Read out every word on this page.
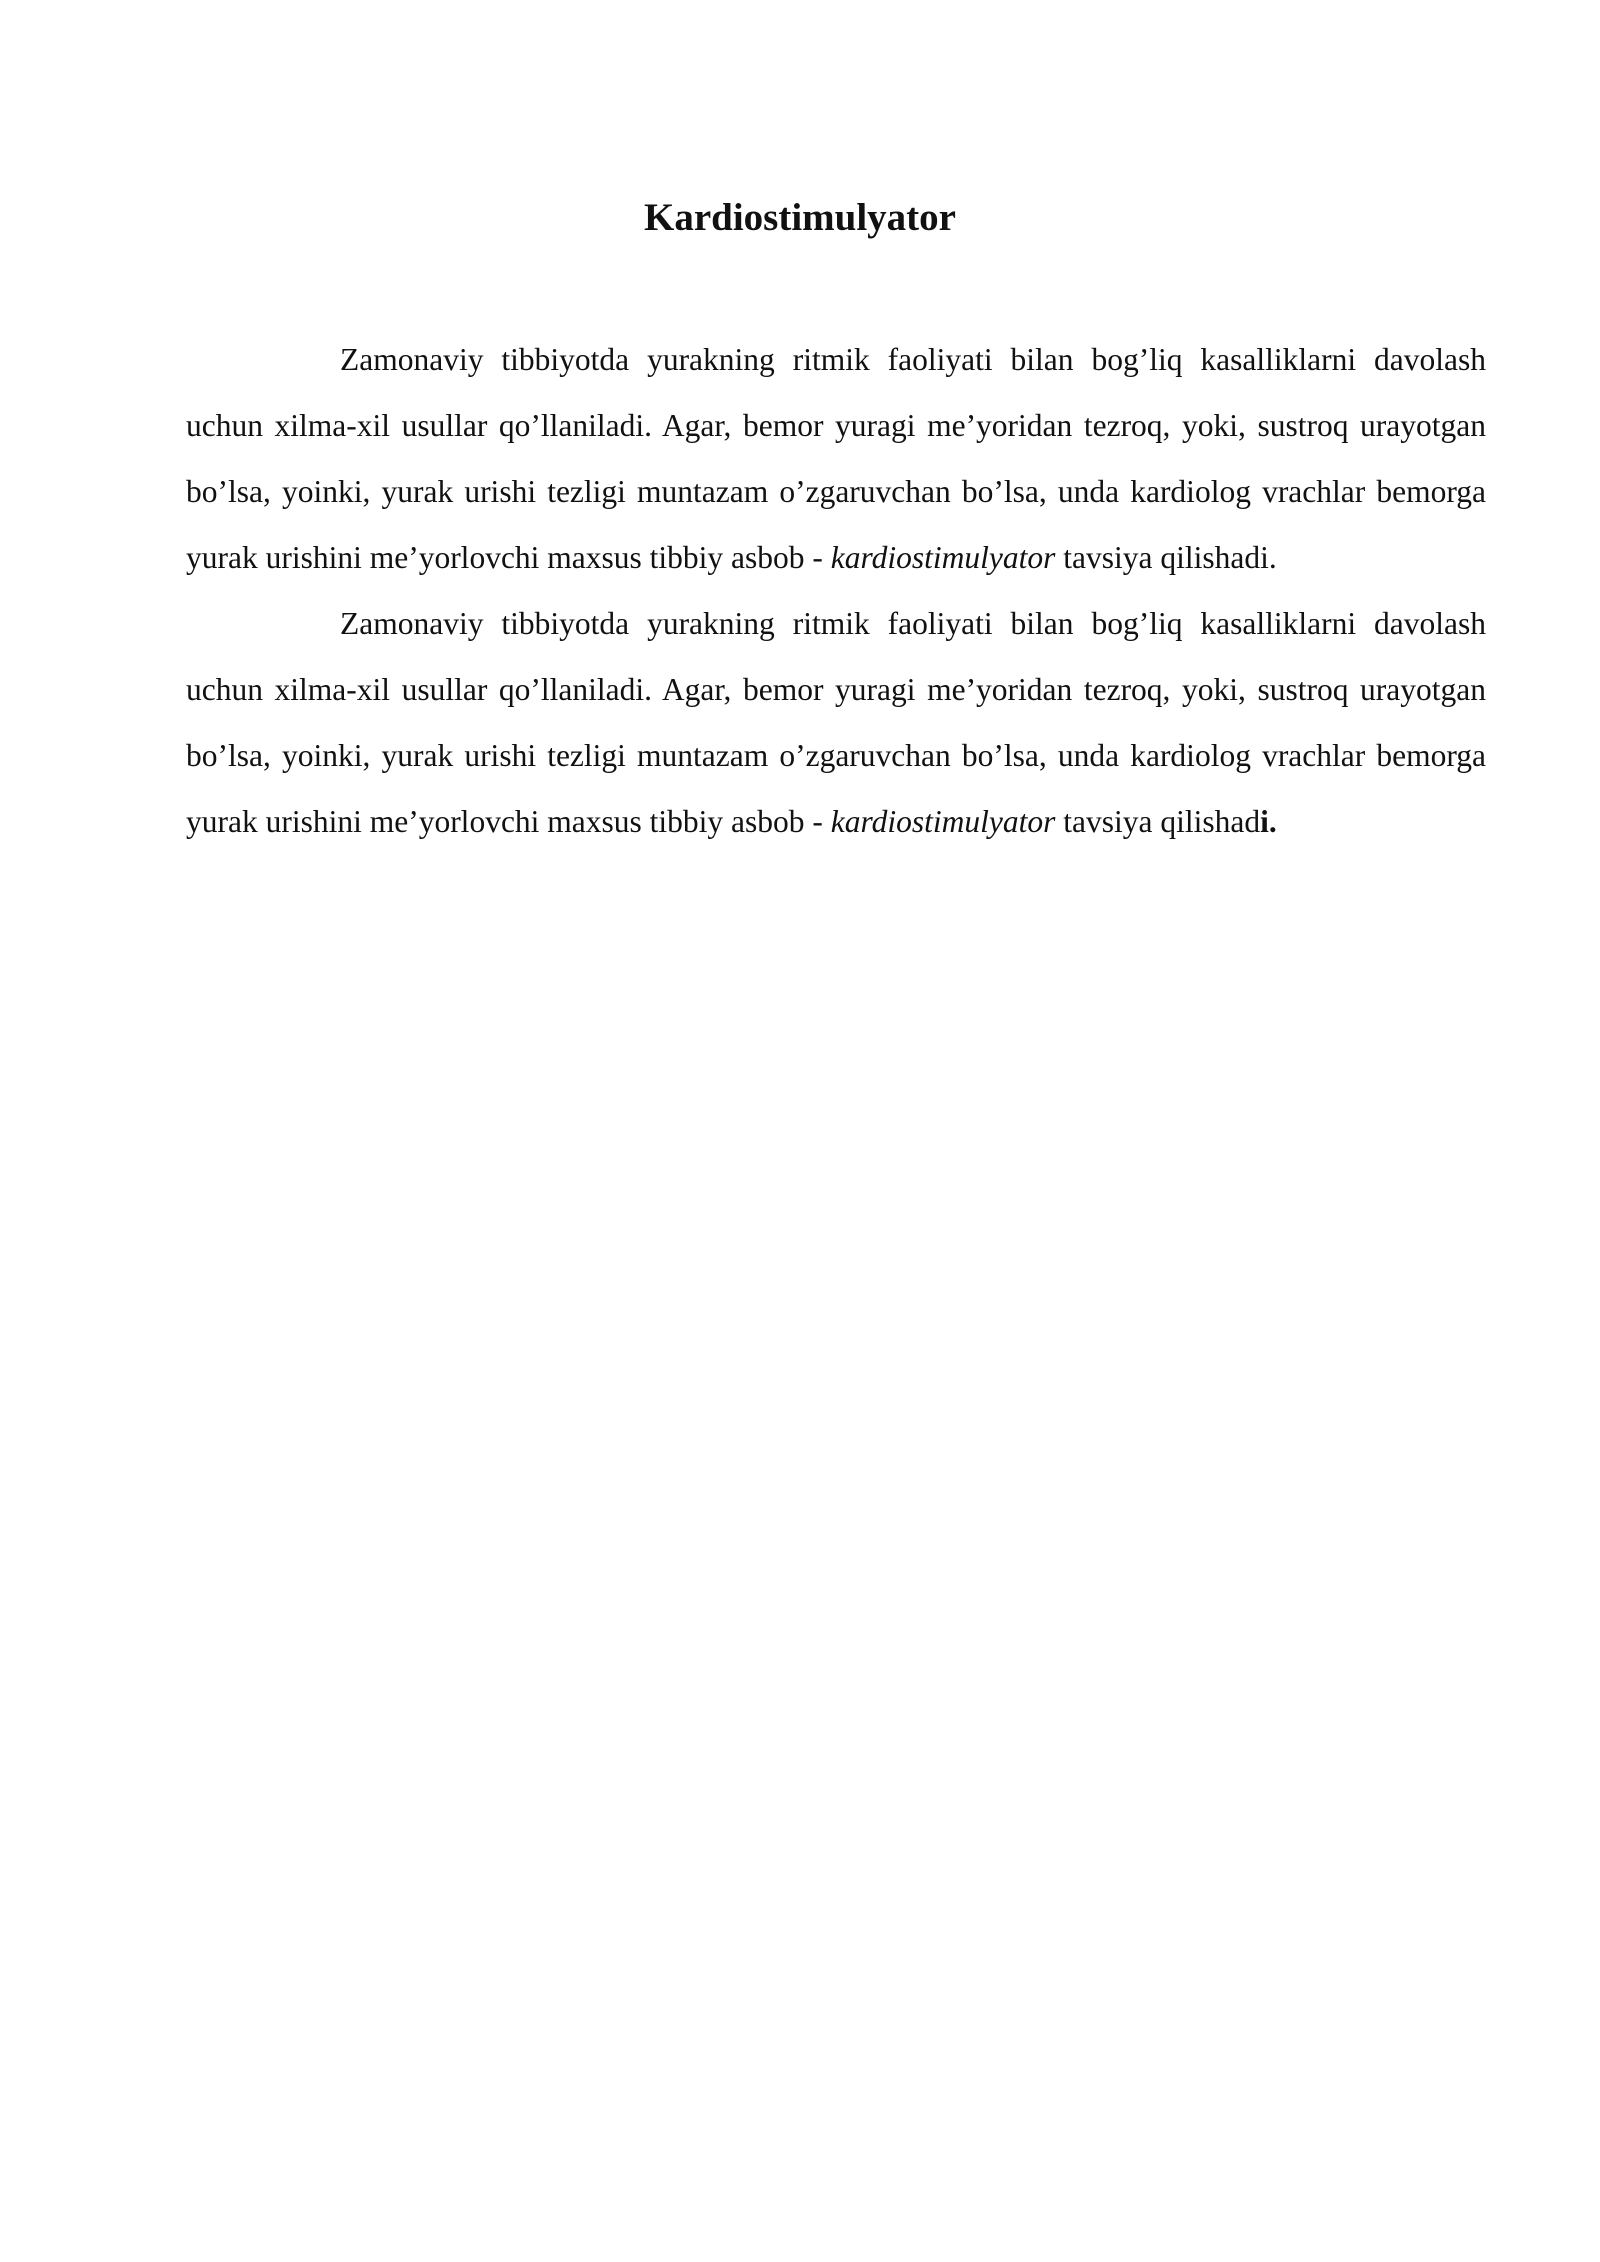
Kardiostimulyator

Zamonaviy tibbiyotda yurakning ritmik faoliyati bilan bog’liq kasalliklarni davolash uchun xilma-xil usullar qo’llaniladi. Agar, bemor yuragi me’yoridan tezroq, yoki, sustroq urayotgan bo’lsa, yoinki, yurak urishi tezligi muntazam o’zgaruvchan bo’lsa, unda kardiolog vrachlar bemorga yurak urishini me’yorlovchi maxsus tibbiy asbob - kardiostimulyator tavsiya qilishadi.

Zamonaviy tibbiyotda yurakning ritmik faoliyati bilan bog’liq kasalliklarni davolash uchun xilma-xil usullar qo’llaniladi. Agar, bemor yuragi me’yoridan tezroq, yoki, sustroq urayotgan bo’lsa, yoinki, yurak urishi tezligi muntazam o’zgaruvchan bo’lsa, unda kardiolog vrachlar bemorga yurak urishini me’yorlovchi maxsus tibbiy asbob - kardiostimulyator tavsiya qilishadi.
